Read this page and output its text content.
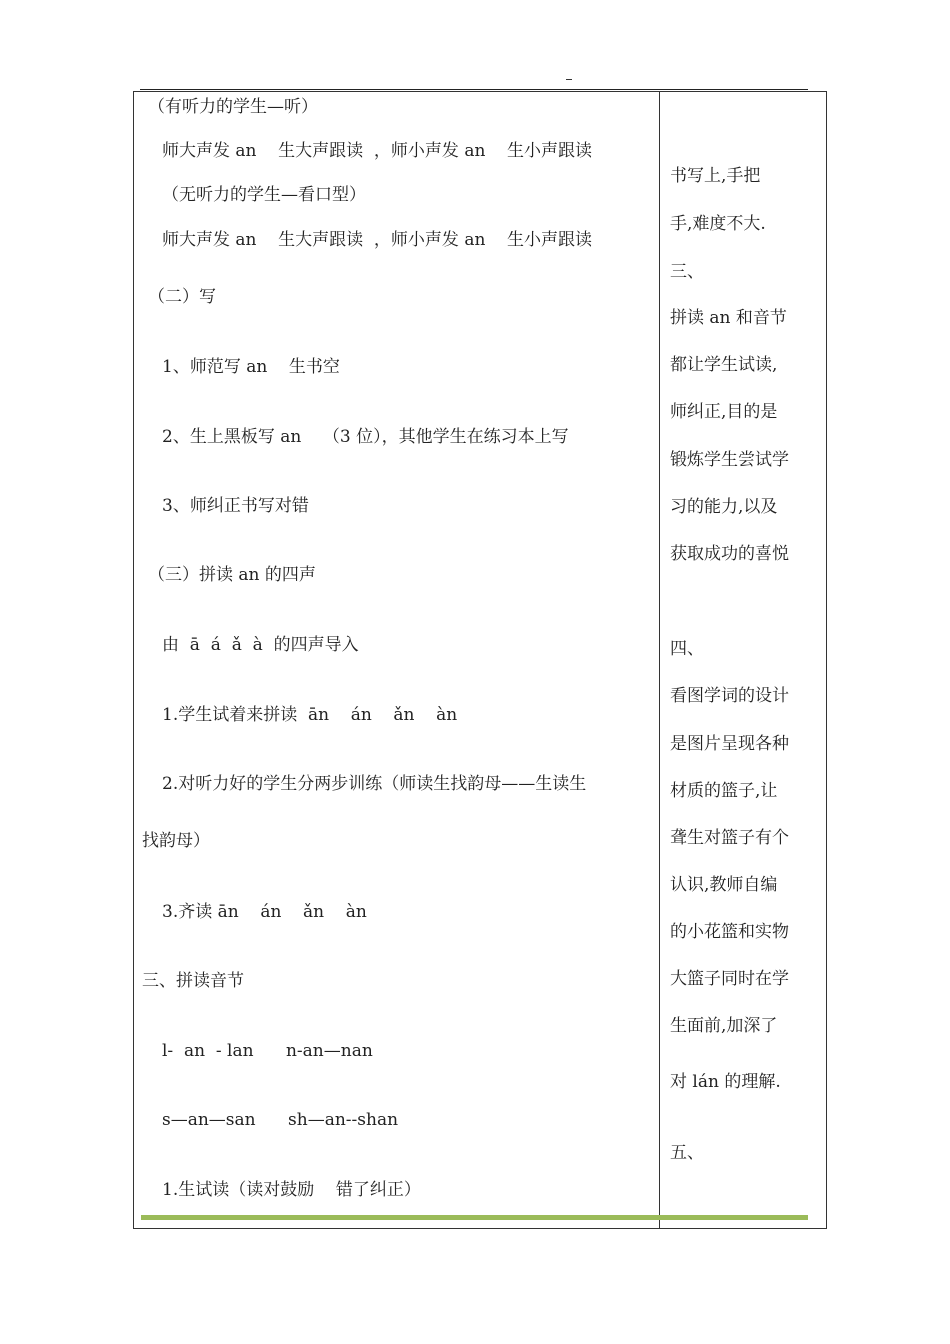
（有听力的学生—听）
师大声发 an    生大声跟读  ，师小声发 an    生小声跟读
（无听力的学生—看口型）
师大声发 an    生大声跟读  ，师小声发 an    生小声跟读
（二）写
1、师范写 an    生书空
2、生上黑板写 an    （3 位），其他学生在练习本上写
3、师纠正书写对错
（三）拼读 an 的四声
由  ā  á  ǎ  à  的四声导入
1.学生试着来拼读  ān    án    ǎn    àn
2.对听力好的学生分两步训练（师读生找韵母——生读生
找韵母）
3.齐读 ān    án    ǎn    àn
三、拼读音节
l-  an  - lan      n-an—nan
s—an—san      sh—an--shan
1.生试读（读对鼓励    错了纠正）
书写上,手把
手,难度不大.
三、
拼读 an 和音节
都让学生试读,
师纠正,目的是
锻炼学生尝试学
习的能力,以及
获取成功的喜悦
四、
看图学词的设计
是图片呈现各种
材质的篮子,让
聋生对篮子有个
认识,教师自编
的小花篮和实物
大篮子同时在学
生面前,加深了
对 lán 的理解.
五、
